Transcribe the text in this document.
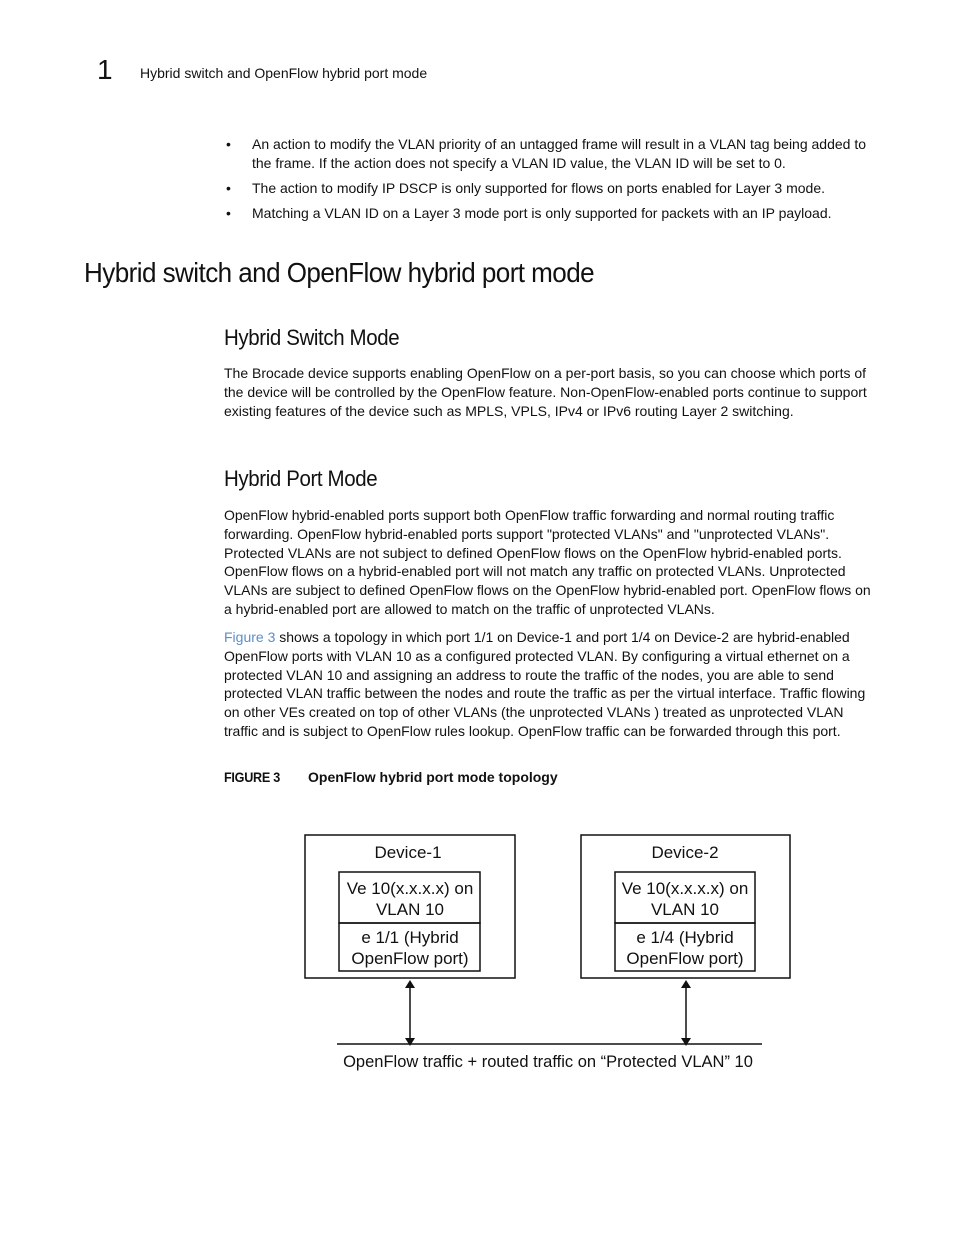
1 Hybrid switch and OpenFlow hybrid port mode
• An action to modify the VLAN priority of an untagged frame will result in a VLAN tag being added to the frame. If the action does not specify a VLAN ID value, the VLAN ID will be set to 0.
• The action to modify IP DSCP is only supported for flows on ports enabled for Layer 3 mode.
• Matching a VLAN ID on a Layer 3 mode port is only supported for packets with an IP payload.
Hybrid switch and OpenFlow hybrid port mode
Hybrid Switch Mode

The Brocade device supports enabling OpenFlow on a per-port basis, so you can choose which ports of the device will be controlled by the OpenFlow feature. Non-OpenFlow-enabled ports continue to support existing features of the device such as MPLS, VPLS, IPv4 or IPv6 routing Layer 2 switching.

Hybrid Port Mode

OpenFlow hybrid-enabled ports support both OpenFlow traffic forwarding and normal routing traffic forwarding. OpenFlow hybrid-enabled ports support "protected VLANs" and "unprotected VLANs". Protected VLANs are not subject to defined OpenFlow flows on the OpenFlow hybrid-enabled ports. OpenFlow flows on a hybrid-enabled port will not match any traffic on protected VLANs. Unprotected VLANs are subject to defined OpenFlow flows on the OpenFlow hybrid-enabled port. OpenFlow flows on a hybrid-enabled port are allowed to match on the traffic of unprotected VLANs.

Figure 3 shows a topology in which port 1/1 on Device-1 and port 1/4 on Device-2 are hybrid-enabled OpenFlow ports with VLAN 10 as a configured protected VLAN. By configuring a virtual ethernet on a protected VLAN 10 and assigning an address to route the traffic of the nodes, you are able to send protected VLAN traffic between the nodes and route the traffic as per the virtual interface. Traffic flowing on other VEs created on top of other VLANs (the unprotected VLANs ) treated as unprotected VLAN traffic and is subject to OpenFlow rules lookup. OpenFlow traffic can be forwarded through this port.

FIGURE 3 OpenFlow hybrid port mode topology
Device-1
Ve 10(x.x.x.x) on
VLAN 10
e 1/1 (Hybrid
OpenFlow port)
Device-2
Ve 10(x.x.x.x) on
VLAN 10
e 1/4 (Hybrid
OpenFlow port)
OpenFlow traffic + routed traffic on “Protected VLAN” 10
